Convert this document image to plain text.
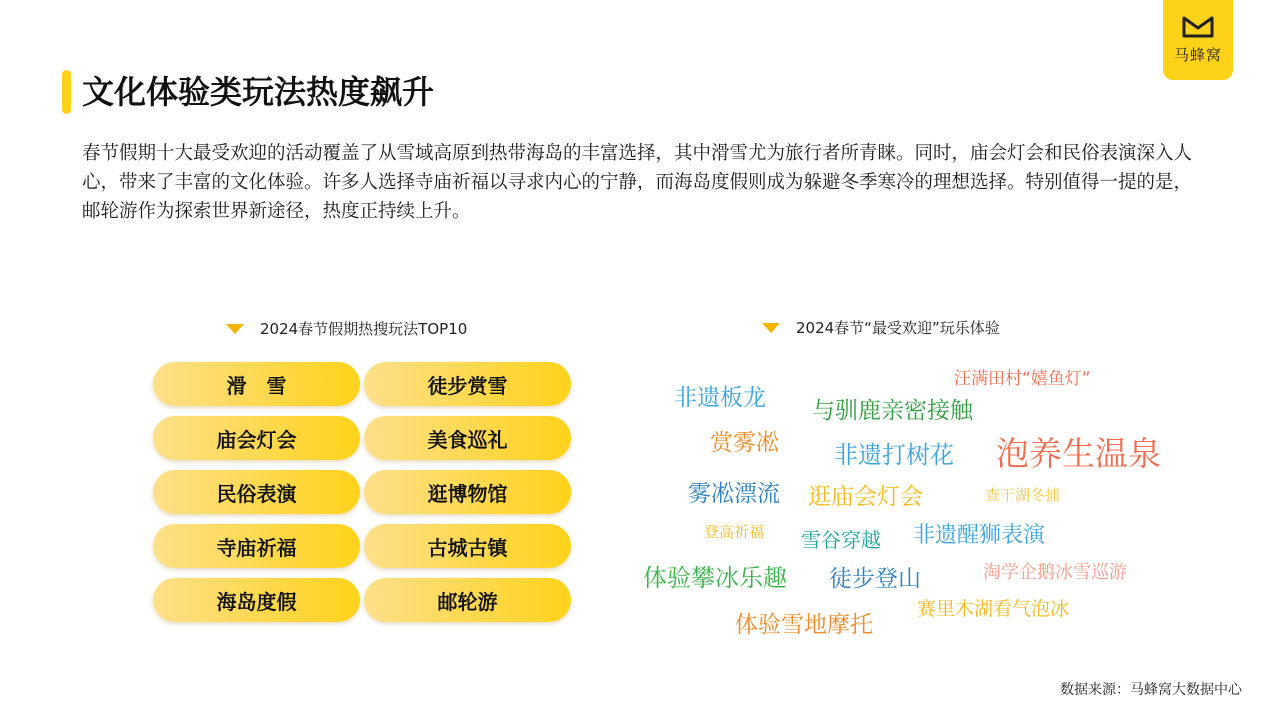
马蜂窝
文化体验类玩法热度飙升

春节假期十大最受欢迎的活动覆盖了从雪域高原到热带海岛的丰富选择，其中滑雪尤为旅行者所青睐。同时，庙会灯会和民俗表演深入人心，带来了丰富的文化体验。许多人选择寺庙祈福以寻求内心的宁静，而海岛度假则成为躲避冬季寒冷的理想选择。特别值得一提的是，邮轮游作为探索世界新途径，热度正持续上升。

2024春节假期热搜玩法TOP10
滑　雪	徒步赏雪
庙会灯会	美食巡礼
民俗表演	逛博物馆
寺庙祈福	古城古镇
海岛度假	邮轮游
2024春节“最受欢迎”玩乐体验
汪满田村“嬉鱼灯”
非遗板龙 与驯鹿亲密接触
赏雾凇 非遗打树花 泡养生温泉
雾凇漂流 逛庙会灯会	查干湖冬捕
登高祈福 雪谷穿越 非遗醒狮表演
体验攀冰乐趣 徒步登山	淘学企鹅冰雪巡游
赛里木湖看气泡冰
体验雪地摩托
数据来源：马蜂窝大数据中心
